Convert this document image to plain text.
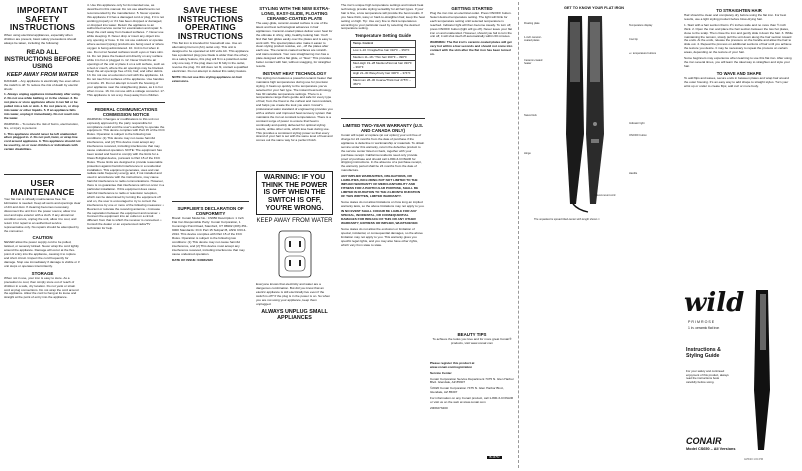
IMPORTANT SAFETY INSTRUCTIONS

When using electrical appliances, especially when children are present, basic safety precautions should always be taken, including the following:

READ ALL INSTRUCTIONS BEFORE USING
KEEP AWAY FROM WATER

DANGER – Any appliance is electrically live even when the switch is off. To reduce the risk of death by electric shock:

1. Always unplug appliance immediately after using. 2. Do not use while bathing or in the shower. 3. Do not place or store appliance where it can fall or be pulled into a tub or sink. 4. Do not place in, or drop into water or other liquids. 5. If an appliance falls into water, unplug it immediately. Do not reach into the water.

WARNING – To reduce the risk of burns, electrocution, fire, or injury to persons:

1. This appliance should never be left unattended when plugged in. 2. Do not pull, twist, or wrap line cord around appliance. 3. This appliance should not be used by, on or near children or individuals with certain disabilities.

USER MAINTENANCE

Your flat iron is virtually maintenance free. No lubrication is needed. Keep all vents and openings clear of dirt and dust. If cleaning becomes necessary, disconnect the unit from the power source; allow it to cool and wipe exterior with a cloth. If any abnormal condition occurs, unplug the unit, allow it to cool, and return it for repair to an authorized service representative only. No repairs should be attempted by the consumer.

CAUTION

NEVER allow the power supply cord to be pulled, twisted, or severely kinked. Never wrap the cord tightly around the appliance. Damage will occur at the flex-point of entry into the appliance, causing it to rupture and short circuit. Inspect the cord frequently for damage. Stop use immediately if damage is visible or if unit stops or operates intermittently.

STORAGE

When not in use, your iron is easy to store. As a precaution to cool, then simply store out of reach of children in a safe, dry location. Do not yank or strain cord at plug connections. Do not wrap the cord around the appliance. Allow the cord to hang at its loose and straight at the point of entry into the appliance.

4. Use this appliance only for its intended use, as described in this manual. Do not use attachments not recommended by the manufacturer. 5. Never operate this appliance if it has a damaged cord or plug, if it is not working properly or if it has been dropped or damaged, or dropped into water. Return the appliance to an authorized service center for examination and repair. 6. Keep the cord away from heated surfaces. 7. Never use while sleeping. 8. Never drop or insert any object into any opening or hose. 9. Do not use outdoors or operate where aerosol (spray) products are being used or where oxygen is being administered. 10. Unit is hot when in use. Do not let heated surfaces touch eyes or bare skin. 11. Do not place the heated unit directly on any surface while it is hot or plugged in. 12. Never block the air openings of the unit or place it on a soft surface, such as a bed or couch, where the air openings may be blocked. Keep the air openings free of lint, hair, and other debris. 13. Do not use an extension cord with the appliance. 14. Do not touch hot surfaces of the appliance. Use handles or knobs. 15. Do not attempt to touch the housing of your appliance near the straightening plates, as it is hot when in use. 16. Do not use with a voltage converter. 17. This appliance is not a toy. Keep away from children.

FEDERAL COMMUNICATIONS COMMISSION NOTICE

WARNING: Changes or modifications to this unit not expressly approved by the party responsible for compliance could void the user's authority to operate the equipment. This device complies with Part 15 of the FCC Rules. Operation is subject to the following two conditions: (1) This device may not cause harmful interference, and (2) This device must accept any interference received, including interference that may cause undesired operation. NOTE: The equipment has been tested and found to comply with the limits for a Class B digital device, pursuant to Part 15 of the FCC Rules. These limits are designed to provide reasonable protection against harmful interference in a residential installation. This equipment generates, uses and can radiate radio frequency energy and, if not installed and used in accordance with the instructions, may cause harmful interference to radio communications. However, there is no guarantee that interference will not occur in a particular installation. If this equipment does cause harmful interference to radio or television reception, which can be determined by turning the equipment off and on, the user is encouraged to try to correct the interference by one or more of the following measures: • Reorient or relocate the receiving antenna. • Increase the separation between the equipment and receiver. • Connect the equipment into an outlet on a circuit different from that to which the receiver is connected. • Consult the dealer or an experienced radio/TV technician for help.

SAVE THESE INSTRUCTIONS OPERATING INSTRUCTIONS

This flat iron is intended for household use. Use an alternating Current (AC) outlet only. This unit is designed to be operated at 120 volts AC. This appliance has a polarized plug (one blade is wider than the other). As a safety feature, this plug will fit in a polarized outlet only one way. If the plug does not fit fully in the outlet, reverse the plug. If it still does not fit, contact a qualified electrician. Do not attempt to defeat this safety feature.

NOTE: Do not use this styling appliance on hair extensions.

SUPPLIER'S DECLARATION OF CONFORMITY

Brand: Conair Model No.: CS650 Description: 1 Inch Flat Iron Responsible Party: Conair Corporation, 1 Cummings Point Road, Stamford, CT 06902 (203) 351-9000 Standards: FCC Part 15 Subpart B, ANSI C63.4-2014. This device complies with Part 15 of the FCC Rules. Operation is subject to the following two conditions: (1) This device may not cause harmful interference, and (2) This device must accept any interference received, including interference that may cause undesired operation.

DATE OF ISSUE: 03/08/2020

STYLING WITH THE NEW EXTRA-LONG, EASY-GLIDE, FLOATING CERAMIC-COATED PLATE

The easy-glide, ceramic-coated surface is one of the latest and best technological advances in hair appliances. Ceramic-coated plates deliver even heat for the ultimate in shiny, silky, healthy-looking hair. You'll find that hair glides easily over the plates and is easy to work with. The special plates also make it easier to clean styling product residue, etc., off the plates after each use. The ceramic-coated surfaces are scratch- and stain-resistant. Your new straightening iron has a plate designed with a flat glide, or "float." This provides better contact with hair, without snagging, for straighter results.

INSTANT HEAT TECHNOLOGY

This styling iron features a powerful ceramic heater that maintains high temperatures during use for precision styling. It heats up quickly to the temperature you've selected for your hair type. The instant heat technology has 30 variable temperature settings. There is a temperature range that's gentle and safe for every type of hair, from the finest to the curliest and most resistant, and helps you create the look you want. Conair's professional salon standard of engineering provides you with a uniform and improved heat recovery system that maintains the iron at constant temperatures. There is a constant surge of power to ensure that heat is continually and quickly delivered for optimal styling results, unlike other units, which lose heat during use. This provides a consistent styling power so that every strand of your hair is set with the same level of heat and comes out the same way for a perfect finish.

WARNING: IF YOU THINK THE POWER IS OFF WHEN THE SWITCH IS OFF, YOU'RE WRONG.
KEEP AWAY FROM WATER

Everyone knows that electricity and water are a dangerous combination. But did you know that an electric appliance is still electrically live even if the switch is off? If the plug is in the power is on. So when you are not using your appliance, keep them unplugged.

ALWAYS UNPLUG SMALL APPLIANCES

The iron's unique high temperature settings and instant heat technology provide styling versatility for all hair types. If your hair is fine, a low temperature will provide the best results. If you have thick, wavy or hard-to-straighten hair, keep the heat setting on high. Tip: Use very fine to thick temperatures according to your particular need by selecting the desired temperature setting.

Temperature Setting Guide
Temp. Control
Low 1–10 / Fragile/fine hair 310°F – 350°F
Medium 11–18 / Thin hair 360°F – 390°F
Med-High 19–28 Medium/Normal hair 330°F – 390°F
High 21–30 Wavy/Curly hair 330°F – 374°F
Maximum 28–30 Coarse/Thick hair 275°F – 450°F
LIMITED TWO-YEAR WARRANTY (U.S. AND CANADA ONLY)

Conair will repair or replace (at our option) your unit free of charge for 24 months from the date of purchase if the appliance is defective in workmanship or materials. To obtain service under this warranty, return the defective product to the service center listed on back, together with your purchase receipt. California residents need only provide proof of purchase and should call 1-800-3-CONAIR for shipping instructions. In the absence of a purchase receipt, the warranty period shall be 24 months from the date of manufacture.

ANY IMPLIED WARRANTIES, OBLIGATIONS, OR LIABILITIES, INCLUDING BUT NOT LIMITED TO THE IMPLIED WARRANTY OF MERCHANTABILITY AND FITNESS FOR A PARTICULAR PURPOSE, SHALL BE LIMITED IN DURATION TO THE 24-MONTH DURATION OF THIS WRITTEN, LIMITED WARRANTY.

Some states do not allow limitations on how long an implied warranty lasts, so the above limitations may not apply to you.

IN NO EVENT SHALL CONAIR BE LIABLE FOR ANY SPECIAL, INCIDENTAL, OR CONSEQUENTIAL DAMAGES FOR BREACH OF THIS OR ANY OTHER WARRANTY, EXPRESS OR IMPLIED, WHATSOEVER.

Some states do not allow the exclusion or limitation of special, incidental, or consequential damages, so the above limitation may not apply to you. This warranty gives you specific legal rights, and you may also have other rights, which vary from state to state.

GETTING STARTED

Plug the iron into an electrical outlet. Press ON/OFF button. Select desired temperature setting. The light will blink for each temperature setting until selected temperature is reached. Indicator light will then become steady. To turn off, press ON/OFF button (light will go off). Never leave your flat iron on and unattended. However, should you fail to turn the unit off, it will shut itself off automatically within 60 minutes.

WARNING: The flat iron's ceramic-coated plates will get very hot within a few seconds and should not come into contact with the skin after the flat iron has been turned on.

BEAUTY TIPS

To achieve the looks you love and for more great Conair® products, visit www.conair.com

Please register this product at www.conair.com/registration

Service Center

Conair Corporation Service Department 7475 N. Glen Harbor Blvd. Glendale, AZ 85307

©2020 Conair Corporation 7475 N. Glen Harbor Blvd., Glendale, AZ 85307

For information on any Conair product, call 1-800-3-CONAIR or visit us on the web at www.conair.com

20PA073200

IB-16752
GET TO KNOW YOUR FLAT IRON
Floating plate
1-inch ceramic-coated plates
Ceramic-coated heater
Swivel lock
Hinge
Temperature display
Cool tip
+/- temperature buttons
Indicator light
ON/OFF button
Handle
Swivel-mount cord
The unpacked is spread tilted-center with length shown □
TO STRAIGHTEN HAIR

Hair should be clean and completely dry before using the flat iron. For best results, use a light styling product before blow-drying hair.

1. Start with a hair section that is 1½ inches wide and no more than ½ inch thick. 2. Open the iron and place the hair section between the two hot plates, close to the scalp. Then close the iron and gently slide it down the hair. 3. While maintaining the tension, slowly pull the unit down along the hair section toward the ends. At the ends, release the pressure on the handle and allow the hair to slide out. 4. Repeat the process on additional sections of hair until you achieve the texture you desire. It may be necessary to repeat the process on certain areas, depending on the texture of your hair.

Some beginners may experience when learning to use this flat iron. After using the iron several times, you will learn the ideal way to straighten and style your hair.

TO WAVE AND SHAPE

To add flips and waves, secure ends in between plates and wrap hair around the outer housing. It's an easy way to add shape to straight styles. Turn your wrist up or under to create flips; add curl or more body.

wild
PRIMROSE
1 in. ceramic flat iron
Instructions & Styling Guide
For your safety and continued enjoyment of this product, always read the instructions book carefully before using.
CONAIR
Model CS650 – All Versions
4/25/20 1:04 PM
